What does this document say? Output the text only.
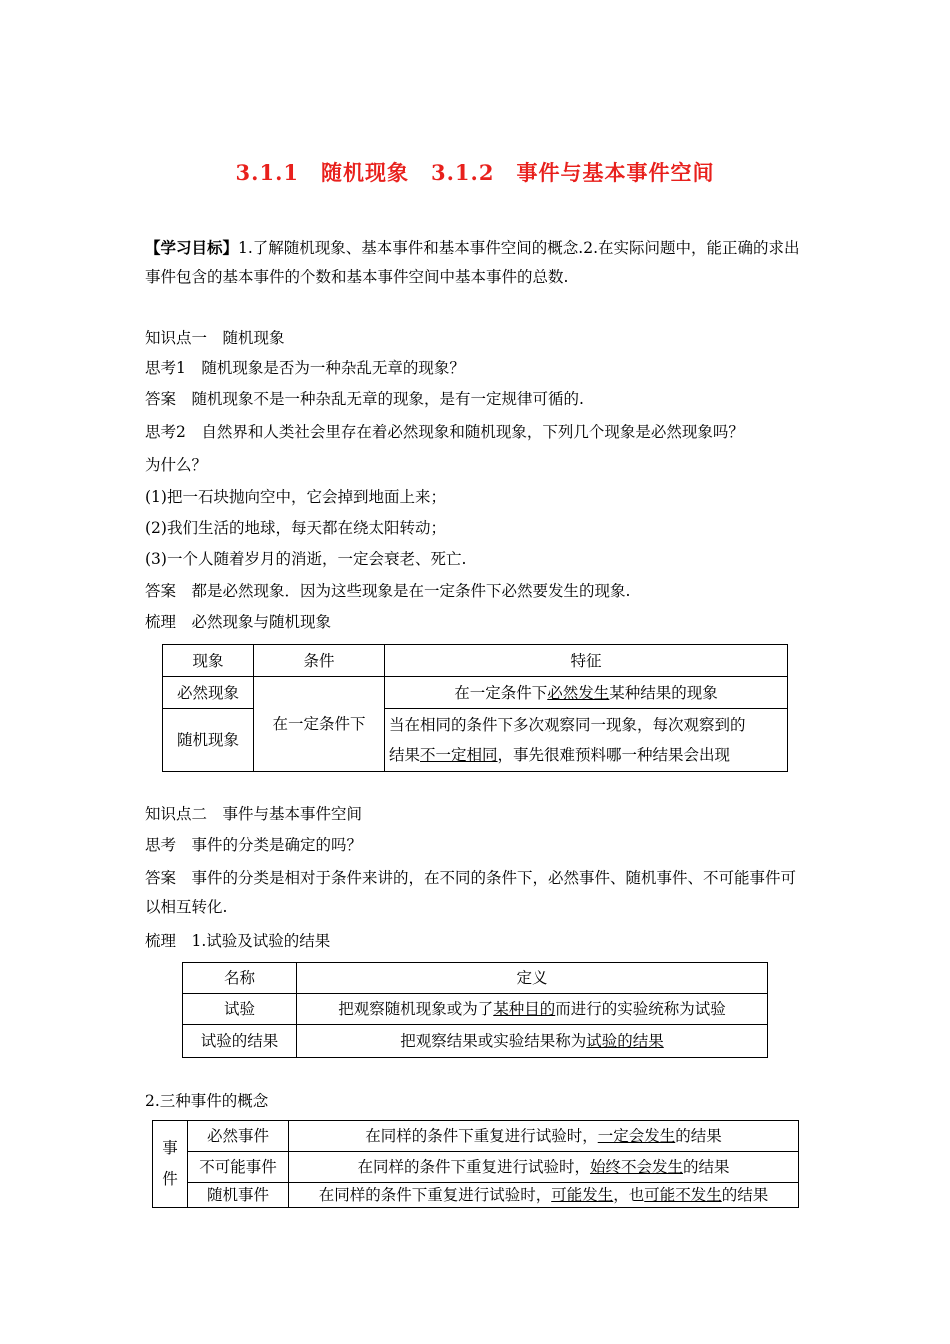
3.1.1　随机现象　3.1.2　事件与基本事件空间
【学习目标】1.了解随机现象、基本事件和基本事件空间的概念.2.在实际问题中，能正确的求出事件包含的基本事件的个数和基本事件空间中基本事件的总数.
知识点一　随机现象
思考1　随机现象是否为一种杂乱无章的现象？
答案　随机现象不是一种杂乱无章的现象，是有一定规律可循的.
思考2　自然界和人类社会里存在着必然现象和随机现象，下列几个现象是必然现象吗？
为什么？
(1)把一石块抛向空中，它会掉到地面上来；
(2)我们生活的地球，每天都在绕太阳转动；
(3)一个人随着岁月的消逝，一定会衰老、死亡.
答案　都是必然现象．因为这些现象是在一定条件下必然要发生的现象.
梳理　必然现象与随机现象
现象	条件	特征
必然现象	在一定条件下	在一定条件下必然发生某种结果的现象
随机现象		当在相同的条件下多次观察同一现象，每次观察到的
结果不一定相同，事先很难预料哪一种结果会出现
知识点二　事件与基本事件空间
思考　事件的分类是确定的吗？
答案　事件的分类是相对于条件来讲的，在不同的条件下，必然事件、随机事件、不可能事件可以相互转化.
梳理　1.试验及试验的结果
名称	定义
试验	把观察随机现象或为了某种目的而进行的实验统称为试验
试验的结果	把观察结果或实验结果称为试验的结果
2.三种事件的概念
事
件	必然事件	在同样的条件下重复进行试验时，一定会发生的结果
	不可能事件	在同样的条件下重复进行试验时，始终不会发生的结果
	随机事件	在同样的条件下重复进行试验时，可能发生，也可能不发生的结果
